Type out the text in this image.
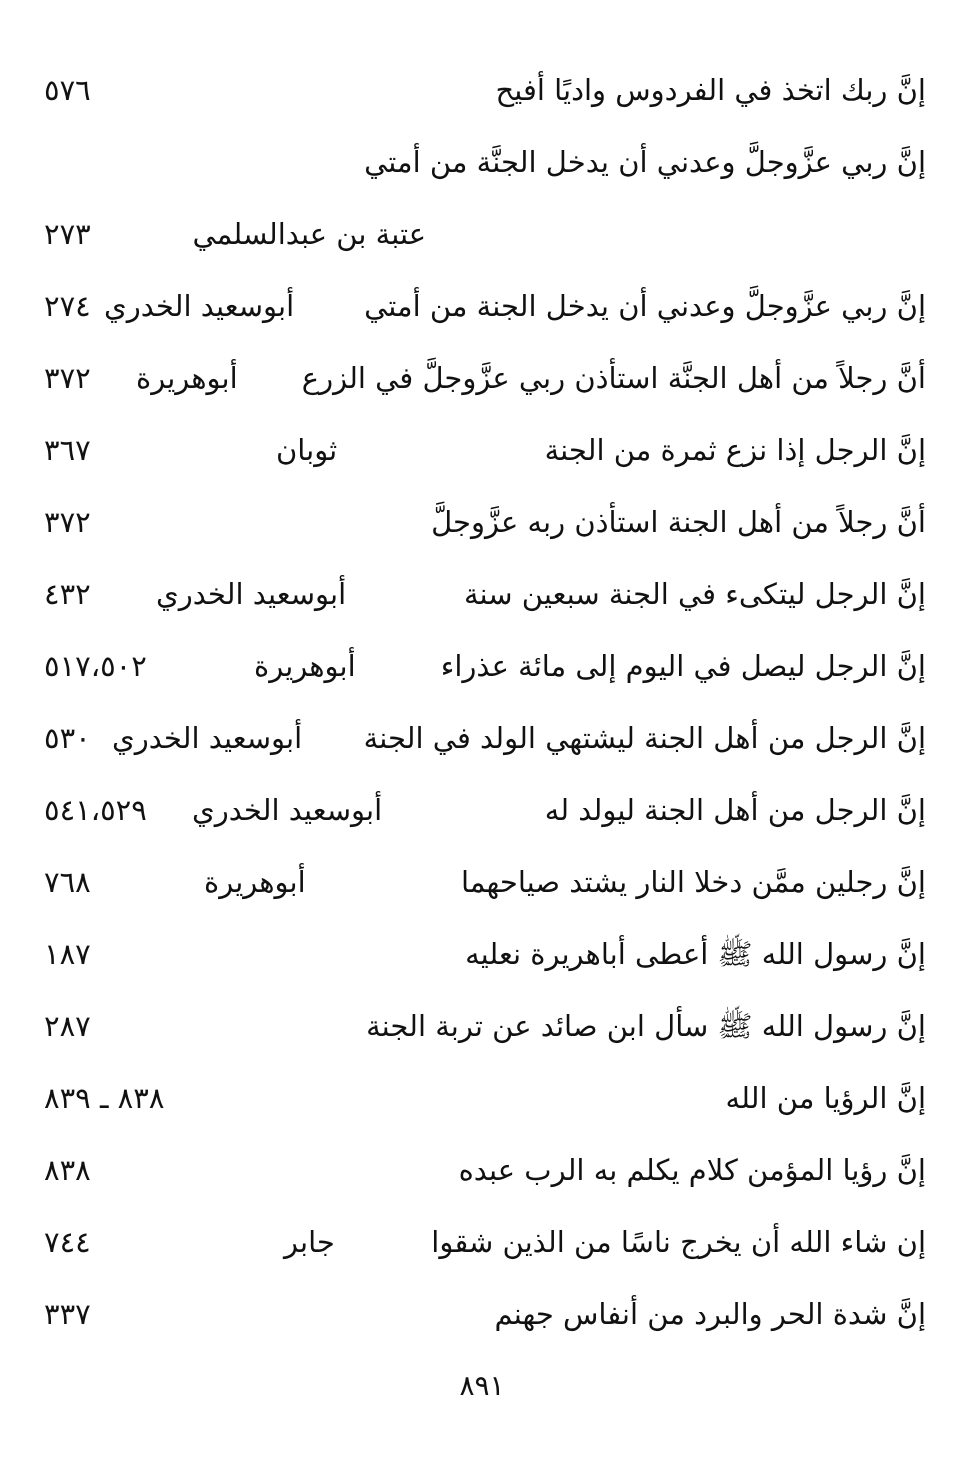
إنَّ ربك اتخذ في الفردوس واديًا أفيح
٥٧٦
إنَّ ربي عزَّوجلَّ وعدني أن يدخل الجنَّة من أمتي
عتبة بن عبدالسلمي
٢٧٣
إنَّ ربي عزَّوجلَّ وعدني أن يدخل الجنة من أمتي
أبوسعيد الخدري
٢٧٤
أنَّ رجلاً من أهل الجنَّة استأذن ربي عزَّوجلَّ في الزرع
أبوهريرة
٣٧٢
إنَّ الرجل إذا نزع ثمرة من الجنة
ثوبان
٣٦٧
أنَّ رجلاً من أهل الجنة استأذن ربه عزَّوجلَّ
٣٧٢
إنَّ الرجل ليتكىء في الجنة سبعين سنة
أبوسعيد الخدري
٤٣٢
إنَّ الرجل ليصل في اليوم إلى مائة عذراء
أبوهريرة
٥١٧،٥٠٢
إنَّ الرجل من أهل الجنة ليشتهي الولد في الجنة
أبوسعيد الخدري
٥٣٠
إنَّ الرجل من أهل الجنة ليولد له
أبوسعيد الخدري
٥٤١،٥٢٩
إنَّ رجلين ممَّن دخلا النار يشتد صياحهما
أبوهريرة
٧٦٨
إنَّ رسول الله ﷺ أعطى أباهريرة نعليه
١٨٧
إنَّ رسول الله ﷺ سأل ابن صائد عن تربة الجنة
٢٨٧
إنَّ الرؤيا من الله
٨٣٨ ـ ٨٣٩
إنَّ رؤيا المؤمن كلام يكلم به الرب عبده
٨٣٨
إن شاء الله أن يخرج ناسًا من الذين شقوا
جابر
٧٤٤
إنَّ شدة الحر والبرد من أنفاس جهنم
٣٣٧
٨٩١
